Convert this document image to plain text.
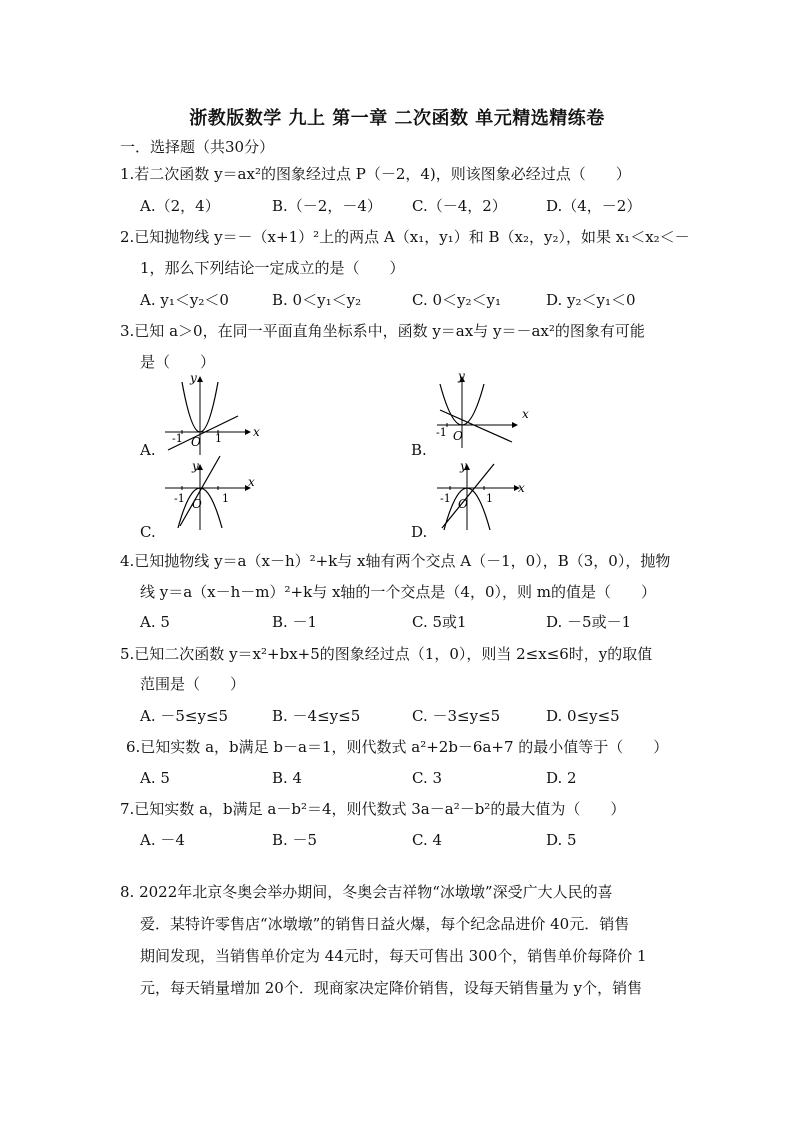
浙教版数学 九上 第一章 二次函数 单元精选精练卷
一．选择题（共30分）
1.若二次函数 y＝ax²的图象经过点 P（－2，4)，则该图象必经过点（　　）
A.（2，4）	B.（－2，－4） C.（－4，2）	D.（4，－2）
2.已知抛物线 y＝－（x+1）²上的两点 A（x₁，y₁）和 B（x₂，y₂），如果 x₁＜x₂＜－
1，那么下列结论一定成立的是（　　）
A. y₁＜y₂＜0	B. 0＜y₁＜y₂	C. 0＜y₂＜y₁	D. y₂＜y₁＜0
3.已知 a＞0，在同一平面直角坐标系中，函数 y＝ax与 y＝－ax²的图象有可能
是（　　）
A.
x
y
O
-1	1
B.
x
y
O
-1
C.
x
y
O
-1	1
D.
x
y
O
-1	1
4.已知抛物线 y＝a（x－h）²+k与 x轴有两个交点 A（－1，0），B（3，0），抛物
线 y＝a（x－h－m）²+k与 x轴的一个交点是（4，0），则 m的值是（　　）
A. 5	B. －1	C. 5或1	D. －5或－1
5.已知二次函数 y＝x²+bx+5的图象经过点（1，0），则当 2≤x≤6时，y的取值
范围是（　　）
A. －5≤y≤5	B. －4≤y≤5	C. －3≤y≤5	D. 0≤y≤5
6.已知实数 a，b满足 b－a＝1，则代数式 a²+2b－6a+7 的最小值等于（　　）
A. 5	B. 4	C. 3	D. 2
7.已知实数 a，b满足 a－b²＝4，则代数式 3a－a²－b²的最大值为（　　）
A. －4	B. －5	C. 4	D. 5
8. 2022年北京冬奥会举办期间，冬奥会吉祥物“冰墩墩”深受广大人民的喜
爱．某特许零售店“冰墩墩”的销售日益火爆，每个纪念品进价 40元．销售
期间发现，当销售单价定为 44元时，每天可售出 300个，销售单价每降价 1
元，每天销量增加 20个．现商家决定降价销售，设每天销售量为 y个，销售
